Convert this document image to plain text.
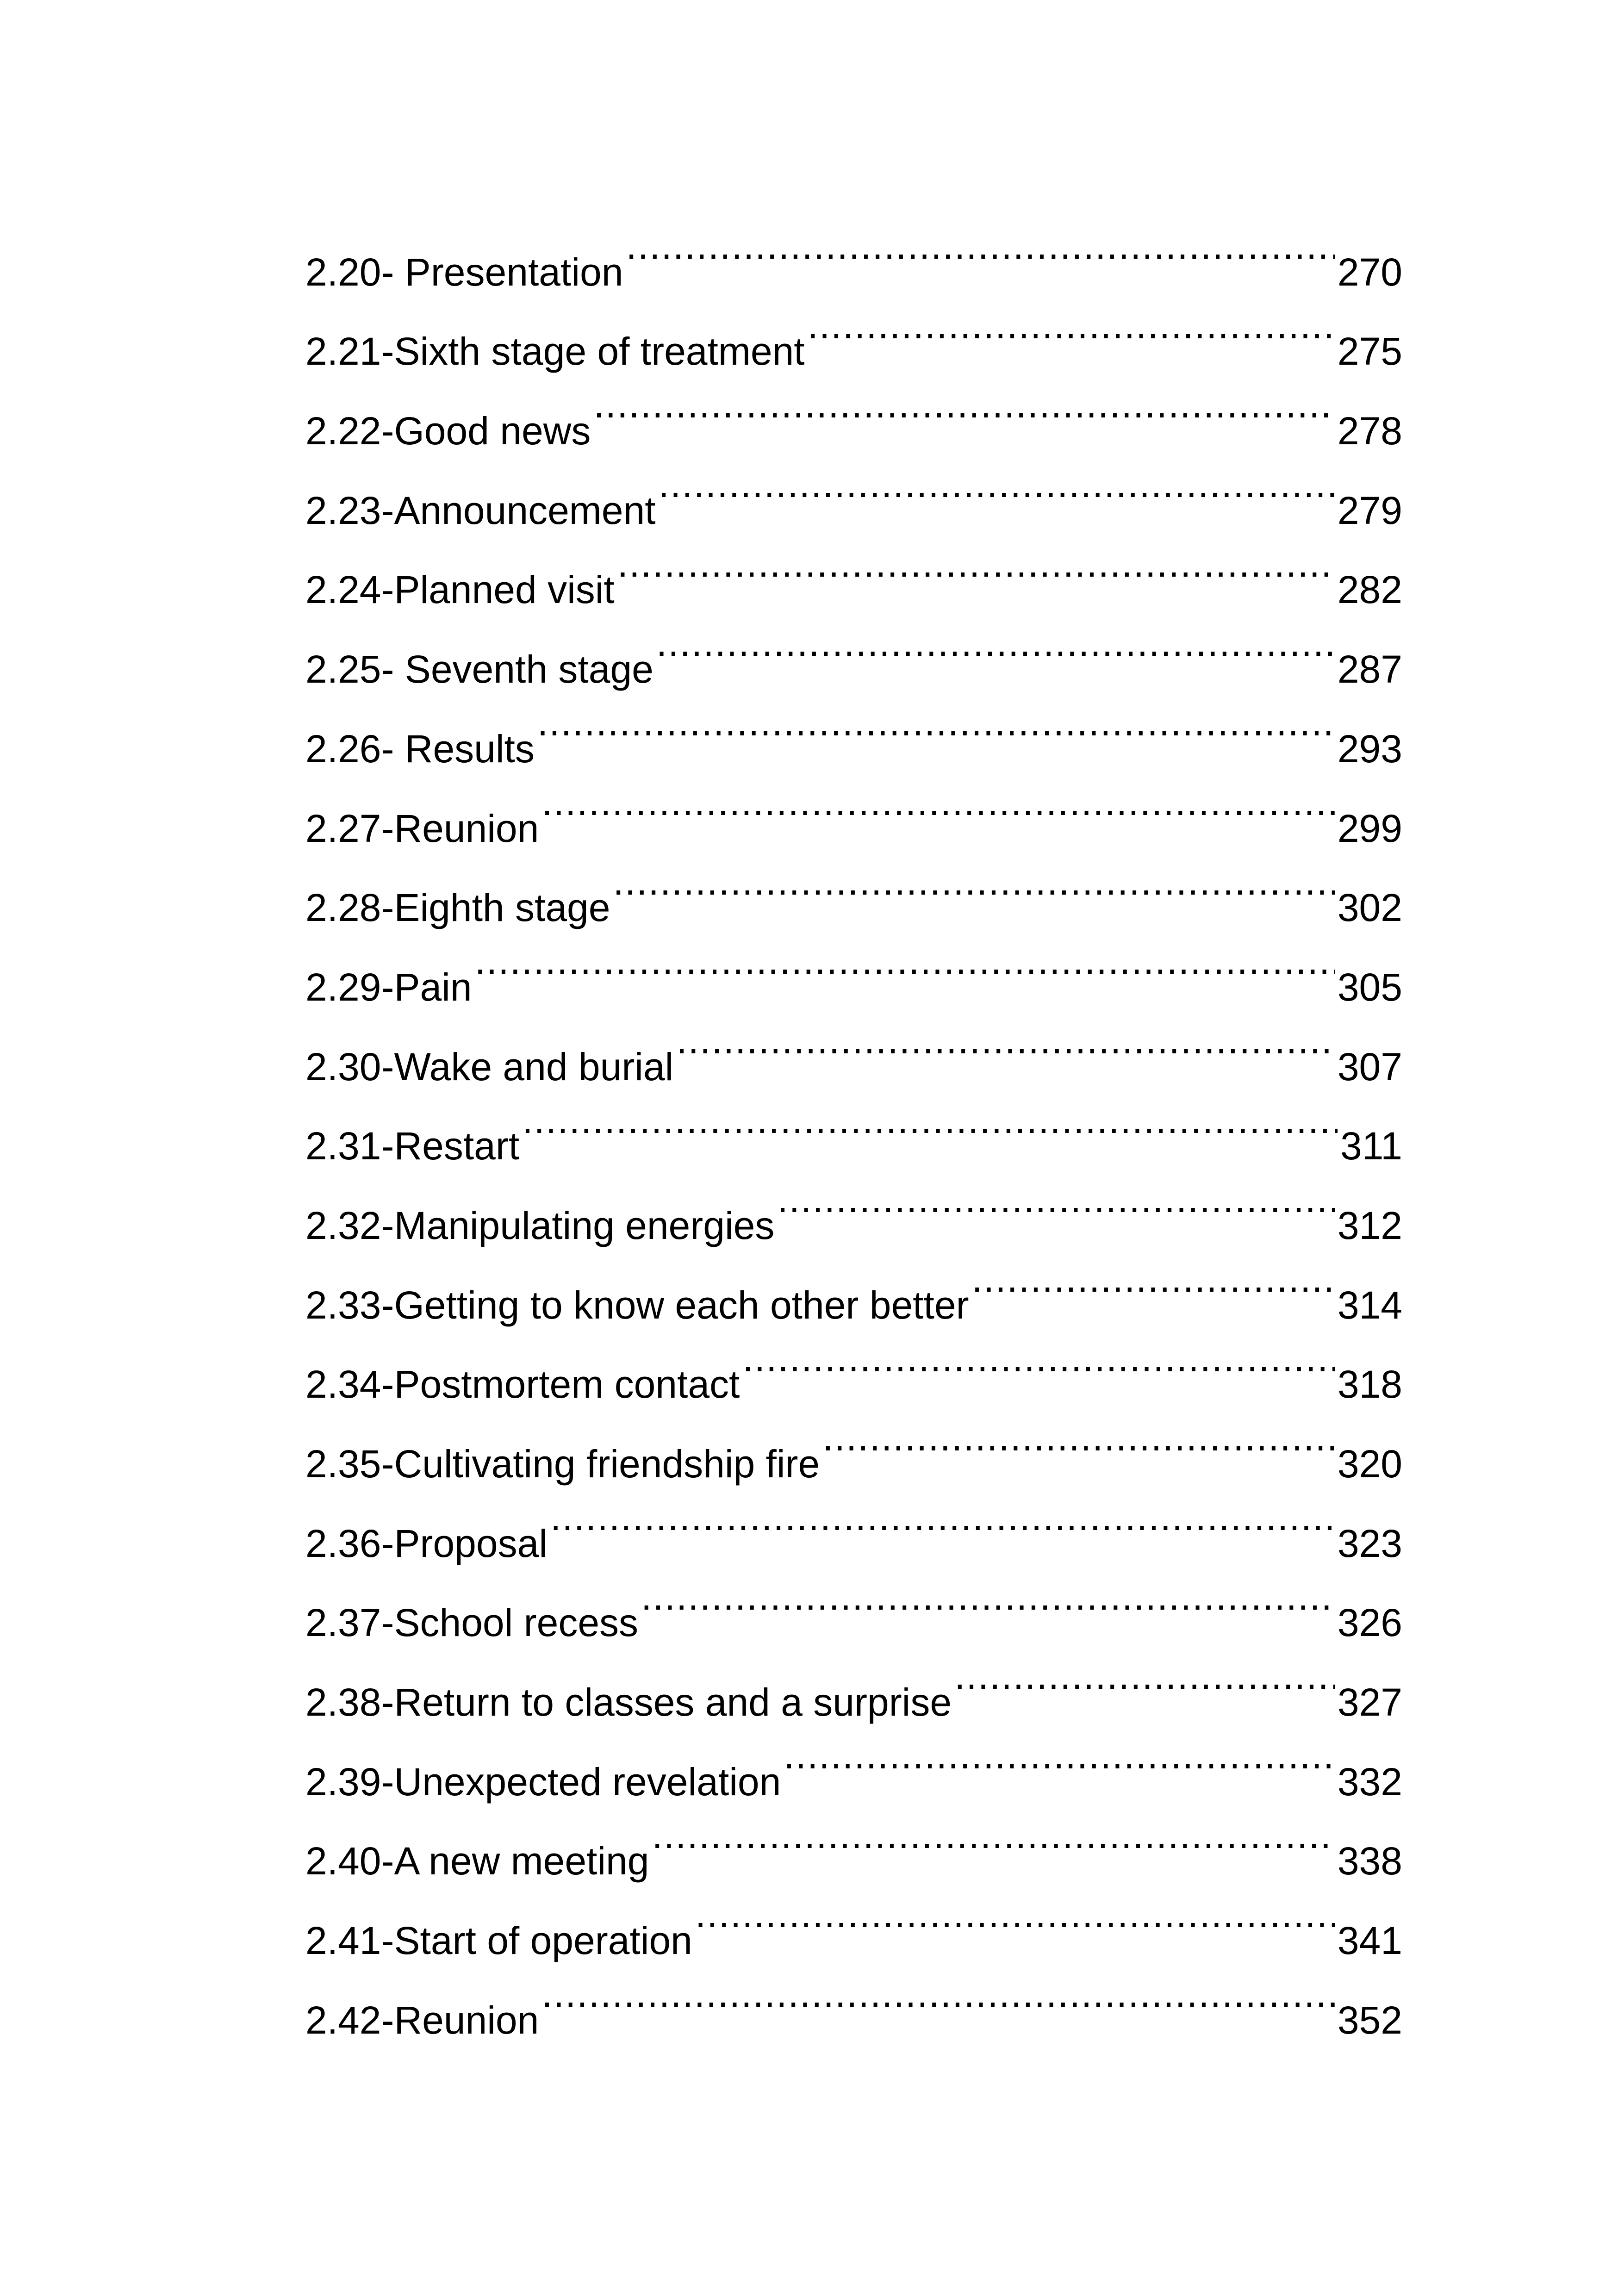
2.20- Presentation .....	270
2.21-Sixth stage of treatment .....	275
2.22-Good news .....	278
2.23-Announcement .....	279
2.24-Planned visit .....	282
2.25- Seventh stage .....	287
2.26- Results .....	293
2.27-Reunion .....	299
2.28-Eighth stage .....	302
2.29-Pain .....	305
2.30-Wake and burial .....	307
2.31-Restart .....	311
2.32-Manipulating energies .....	312
2.33-Getting to know each other better .....	314
2.34-Postmortem contact .....	318
2.35-Cultivating friendship fire .....	320
2.36-Proposal .....	323
2.37-School recess .....	326
2.38-Return to classes and a surprise .....	327
2.39-Unexpected revelation .....	332
2.40-A new meeting .....	338
2.41-Start of operation .....	341
2.42-Reunion .....	352
